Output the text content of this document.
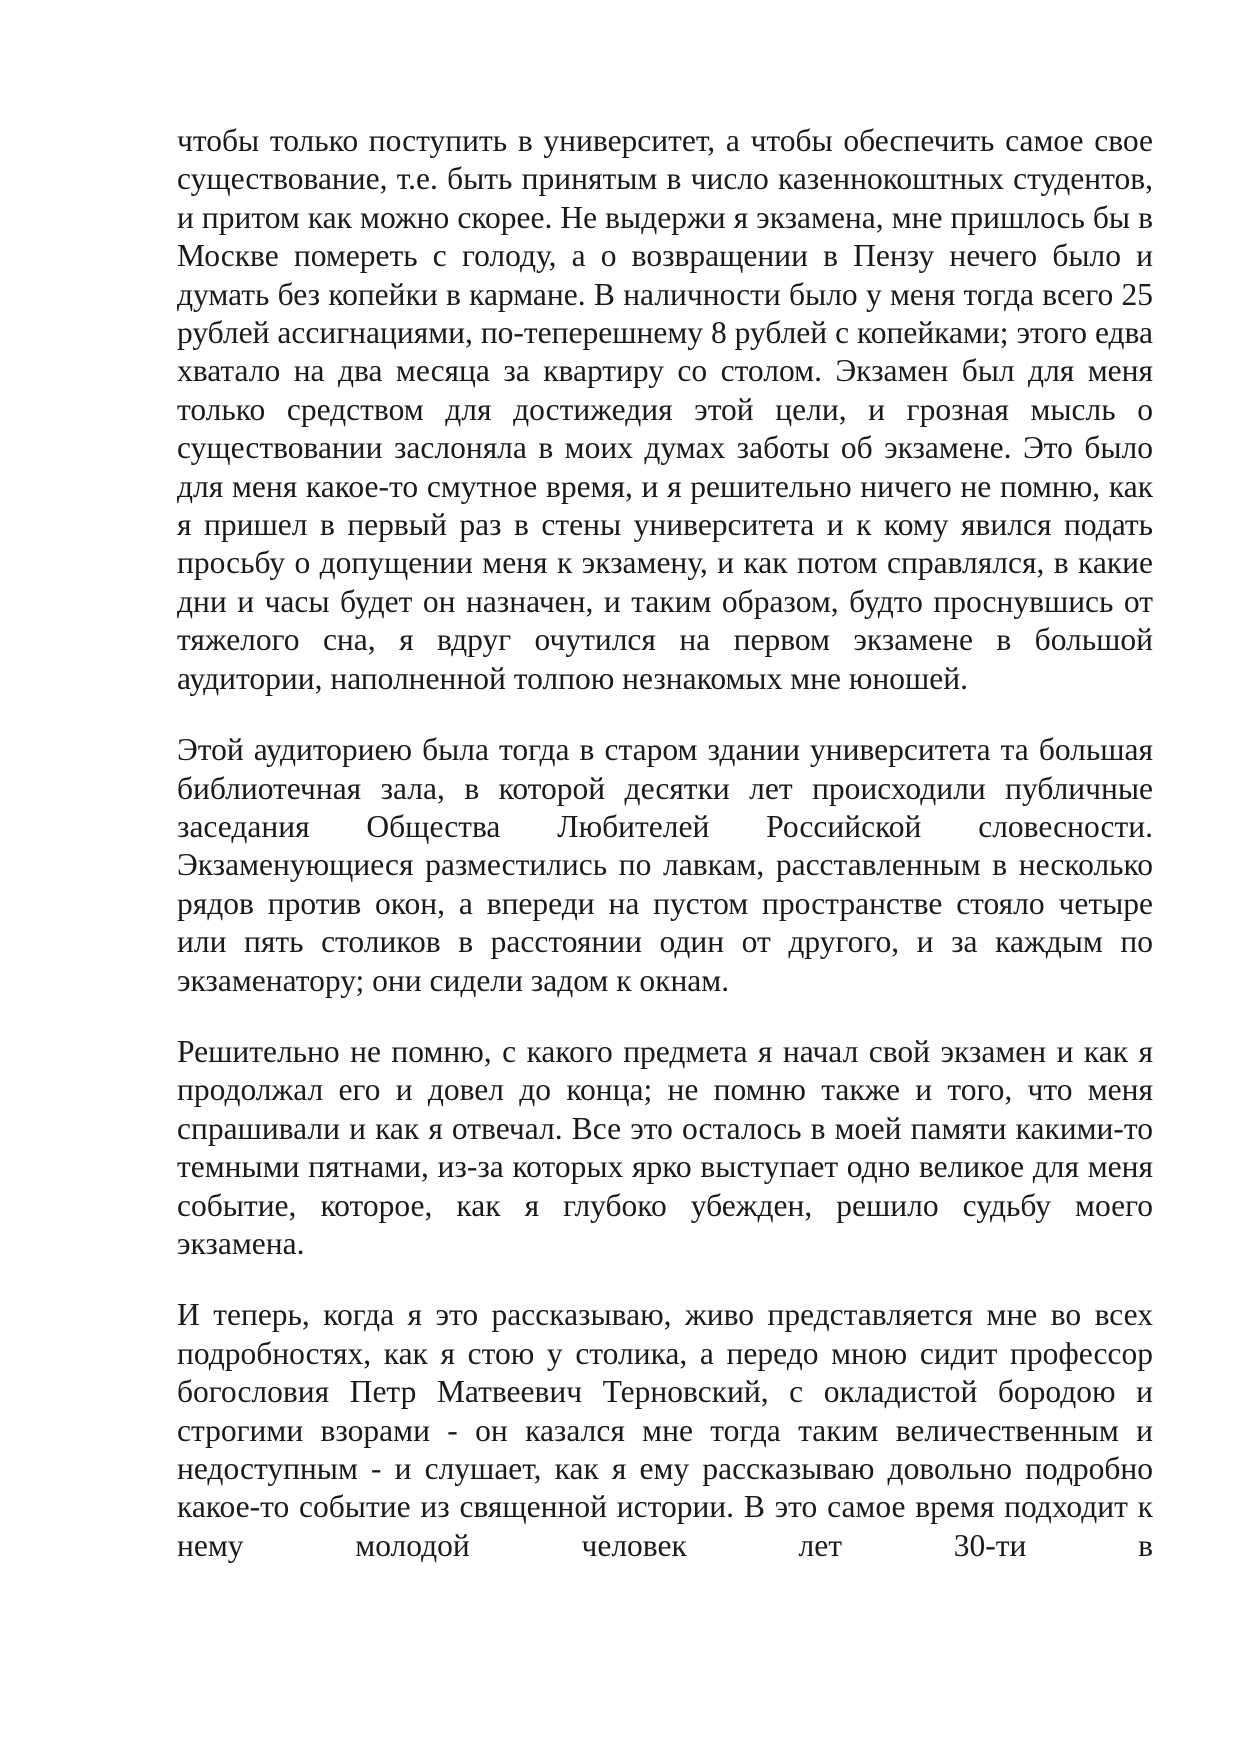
чтобы только поступить в университет, а чтобы обеспечить самое свое существование, т.е. быть принятым в число казеннокоштных студентов, и притом как можно скорее. Не выдержи я экзамена, мне пришлось бы в Москве помереть с голоду, а о возвращении в Пензу нечего было и думать без копейки в кармане. В наличности было у меня тогда всего 25 рублей ассигнациями, по-теперешнему 8 рублей с копейками; этого едва хватало на два месяца за квартиру со столом. Экзамен был для меня только средством для достижедия этой цели, и грозная мысль о существовании заслоняла в моих думах заботы об экзамене. Это было для меня какое-то смутное время, и я решительно ничего не помню, как я пришел в первый раз в стены университета и к кому явился подать просьбу о допущении меня к экзамену, и как потом справлялся, в какие дни и часы будет он назначен, и таким образом, будто проснувшись от тяжелого сна, я вдруг очутился на первом экзамене в большой аудитории, наполненной толпою незнакомых мне юношей.

Этой аудиториею была тогда в старом здании университета та большая библиотечная зала, в которой десятки лет происходили публичные заседания Общества Любителей Российской словесности. Экзаменующиеся разместились по лавкам, расставленным в несколько рядов против окон, а впереди на пустом пространстве стояло четыре или пять столиков в расстоянии один от другого, и за каждым по экзаменатору; они сидели задом к окнам.

Решительно не помню, с какого предмета я начал свой экзамен и как я продолжал его и довел до конца; не помню также и того, что меня спрашивали и как я отвечал. Все это осталось в моей памяти какими-то темными пятнами, из-за которых ярко выступает одно великое для меня событие, которое, как я глубоко убежден, решило судьбу моего экзамена.

И теперь, когда я это рассказываю, живо представляется мне во всех подробностях, как я стою у столика, а передо мною сидит профессор богословия Петр Матвеевич Терновский, с окладистой бородою и строгими взорами - он казался мне тогда таким величественным и недоступным - и слушает, как я ему рассказываю довольно подробно какое-то событие из священной истории. В это самое время подходит к нему молодой человек лет 30-ти в
